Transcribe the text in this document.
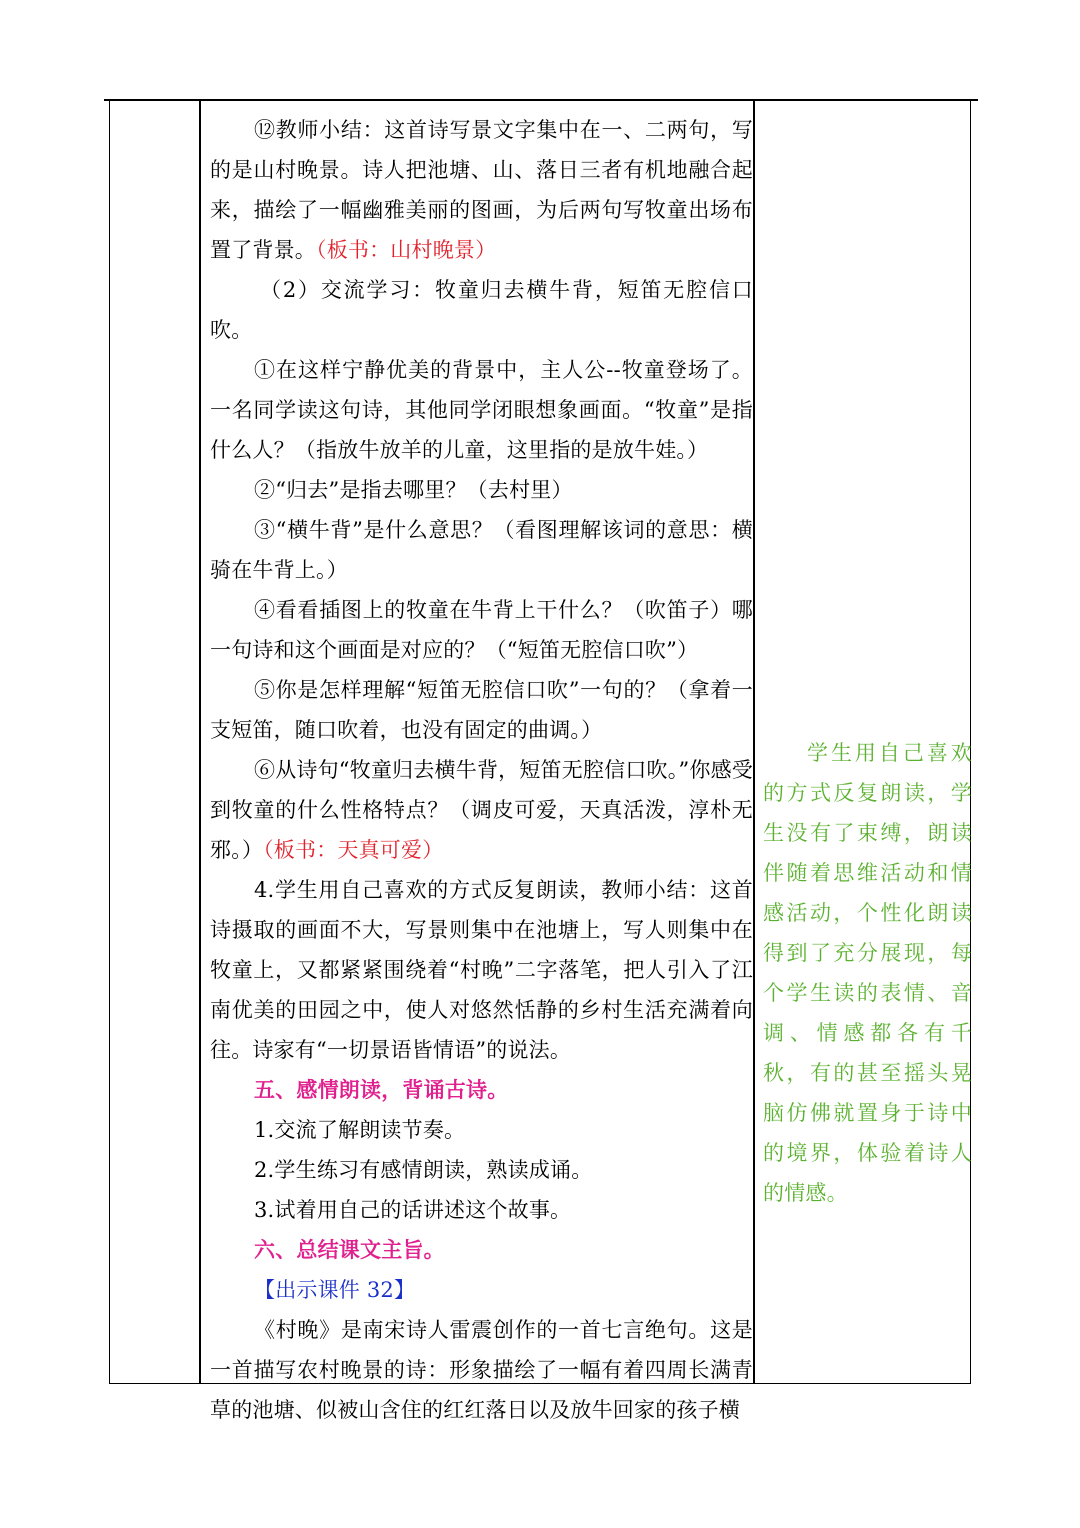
⑫教师小结：这首诗写景文字集中在一、二两句，写的是山村晚景。诗人把池塘、山、落日三者有机地融合起来，描绘了一幅幽雅美丽的图画，为后两句写牧童出场布置了背景。（板书：山村晚景）

（2）交流学习：牧童归去横牛背，短笛无腔信口吹。

①在这样宁静优美的背景中，主人公--牧童登场了。一名同学读这句诗，其他同学闭眼想象画面。“牧童”是指什么人？（指放牛放羊的儿童，这里指的是放牛娃。）

②“归去”是指去哪里？（去村里）

③“横牛背”是什么意思？（看图理解该词的意思：横骑在牛背上。）

④看看插图上的牧童在牛背上干什么？（吹笛子）哪一句诗和这个画面是对应的？（“短笛无腔信口吹”）

⑤你是怎样理解“短笛无腔信口吹”一句的？（拿着一支短笛，随口吹着，也没有固定的曲调。）

⑥从诗句“牧童归去横牛背，短笛无腔信口吹。”你感受到牧童的什么性格特点？（调皮可爱，天真活泼，淳朴无邪。）（板书：天真可爱）

4.学生用自己喜欢的方式反复朗读，教师小结：这首诗摄取的画面不大，写景则集中在池塘上，写人则集中在牧童上，又都紧紧围绕着“村晚”二字落笔，把人引入了江南优美的田园之中，使人对悠然恬静的乡村生活充满着向往。诗家有“一切景语皆情语”的说法。

五、感情朗读，背诵古诗。

1.交流了解朗读节奏。

2.学生练习有感情朗读，熟读成诵。

3.试着用自己的话讲述这个故事。

六、总结课文主旨。

【出示课件 32】

《村晚》是南宋诗人雷震创作的一首七言绝句。这是一首描写农村晚景的诗：形象描绘了一幅有着四周长满青草的池塘、似被山含住的红红落日以及放牛回家的孩子横

学生用自己喜欢的方式反复朗读，学生没有了束缚，朗读伴随着思维活动和情感活动，个性化朗读得到了充分展现，每个学生读的表情、音调、情感都各有千秋，有的甚至摇头晃脑仿佛就置身于诗中的境界，体验着诗人的情感。
